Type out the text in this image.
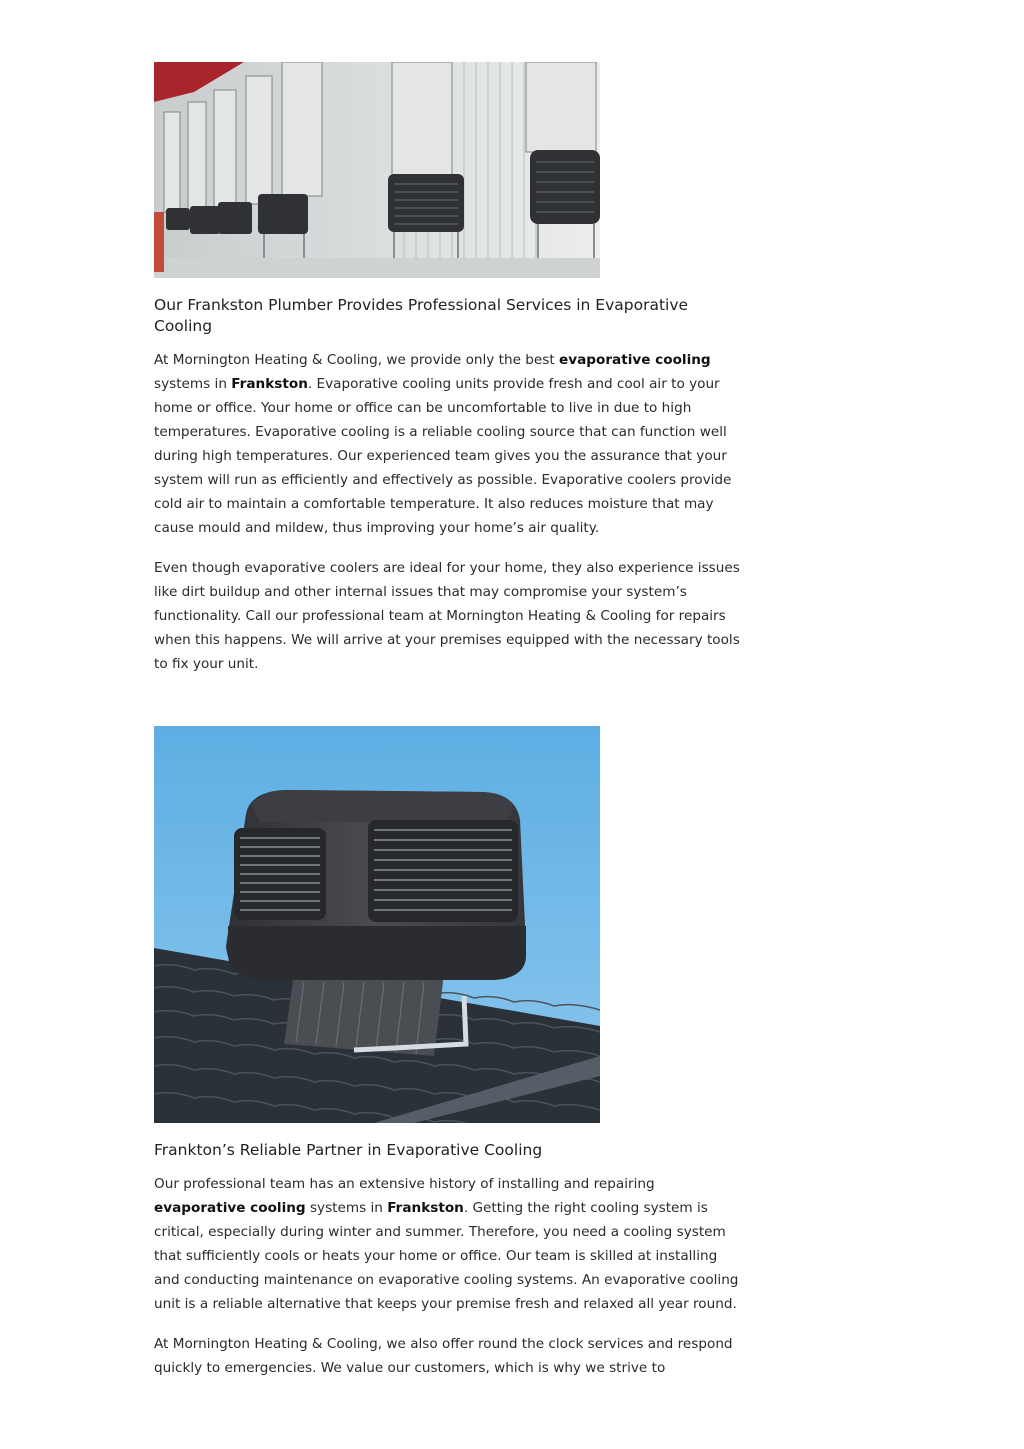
Our Frankston Plumber Provides Professional Services in Evaporative Cooling

At Mornington Heating & Cooling, we provide only the best evaporative cooling systems in Frankston. Evaporative cooling units provide fresh and cool air to your home or office. Your home or office can be uncomfortable to live in due to high temperatures. Evaporative cooling is a reliable cooling source that can function well during high temperatures. Our experienced team gives you the assurance that your system will run as efficiently and effectively as possible. Evaporative coolers provide cold air to maintain a comfortable temperature. It also reduces moisture that may cause mould and mildew, thus improving your home’s air quality.

Even though evaporative coolers are ideal for your home, they also experience issues like dirt buildup and other internal issues that may compromise your system’s functionality. Call our professional team at Mornington Heating & Cooling for repairs when this happens. We will arrive at your premises equipped with the necessary tools to fix your unit.

Frankton’s Reliable Partner in Evaporative Cooling

Our professional team has an extensive history of installing and repairing evaporative cooling systems in Frankston. Getting the right cooling system is critical, especially during winter and summer. Therefore, you need a cooling system that sufficiently cools or heats your home or office. Our team is skilled at installing and conducting maintenance on evaporative cooling systems. An evaporative cooling unit is a reliable alternative that keeps your premise fresh and relaxed all year round.

At Mornington Heating & Cooling, we also offer round the clock services and respond quickly to emergencies. We value our customers, which is why we strive to
